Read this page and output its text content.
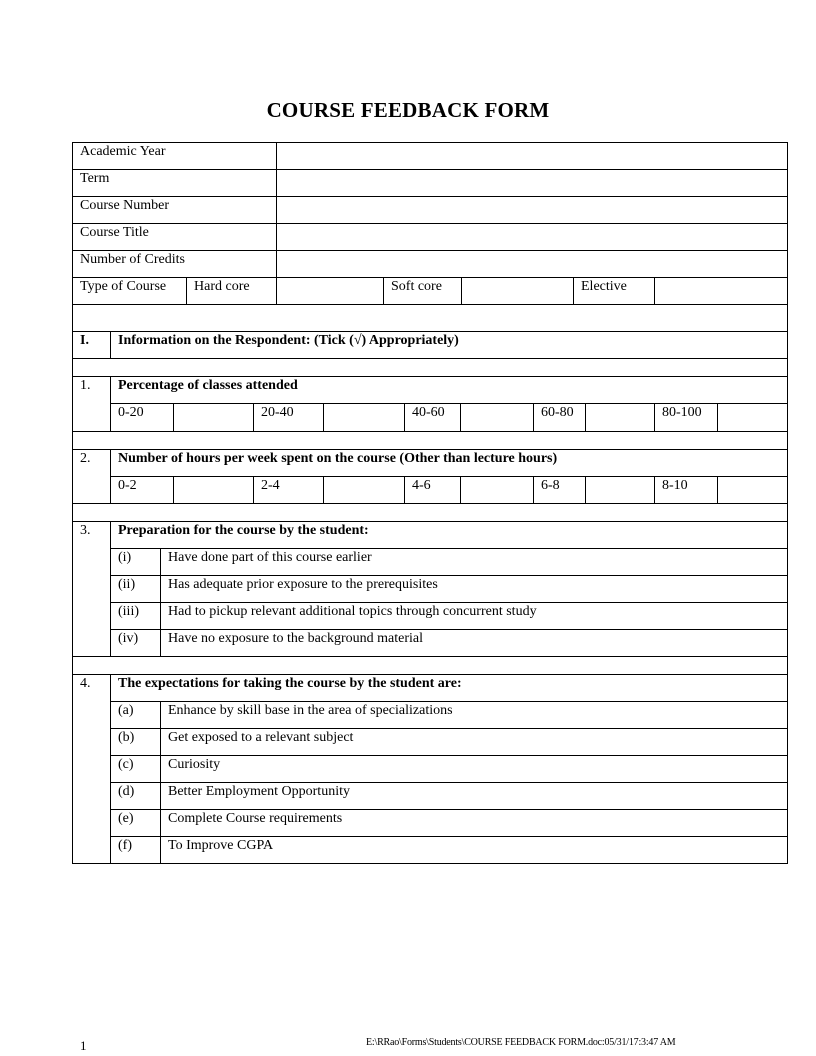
COURSE FEEDBACK FORM
Academic Year
Term
Course Number
Course Title
Number of Credits
Type of Course	Hard core	Soft core	Elective
I.	Information on the Respondent: (Tick (√) Appropriately)
1.	Percentage of classes attended
0-20	20-40	40-60	60-80	80-100
2.	Number of hours per week spent on the course (Other than lecture hours)
0-2	2-4	4-6	6-8	8-10
3.	Preparation for the course by the student:
(i)	Have done part of this course earlier
(ii)	Has adequate prior exposure to the prerequisites
(iii)	Had to pickup relevant additional topics through concurrent study
(iv)	Have no exposure to the background material
4.	The expectations for taking the course by the student are:
(a)	Enhance by skill base in the area of specializations
(b)	Get exposed to a relevant subject
(c)	Curiosity
(d)	Better Employment Opportunity
(e)	Complete Course requirements
(f)	To Improve CGPA
1	E:\RRao\Forms\Students\COURSE FEEDBACK FORM.doc:05/31/17:3:47 AM
